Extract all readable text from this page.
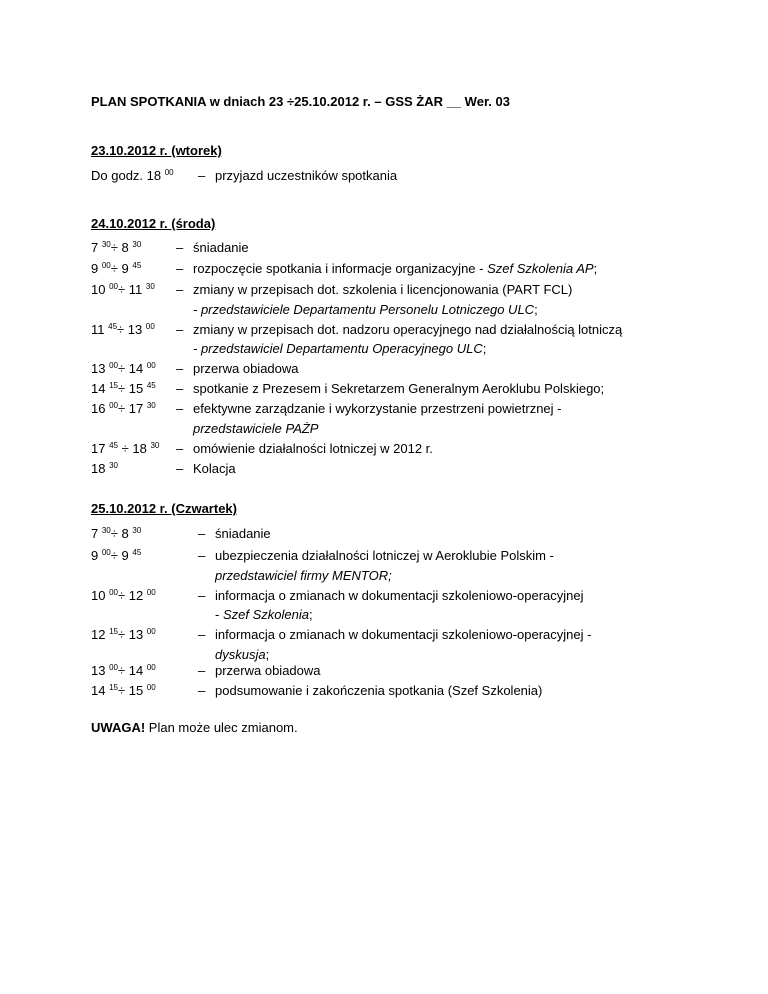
PLAN SPOTKANIA w dniach 23 ÷25.10.2012 r. – GSS ŻAR __ Wer. 03
23.10.2012 r. (wtorek)
Do godz. 18 $^{00}$ – przyjazd uczestników spotkania
24.10.2012 r. (środa)
7 $^{30}$÷ 8 $^{30}$	– śniadanie
9 $^{00}$÷ 9 $^{45}$	– rozpoczęcie spotkania i informacje organizacyjne - Szef Szkolenia AP;
10 $^{00}$÷ 11 $^{30}$ – zmiany w przepisach dot. szkolenia i licencjonowania (PART FCL)
- przedstawiciele Departamentu Personelu Lotniczego ULC;
11 $^{45}$÷ 13 $^{00}$ – zmiany w przepisach dot. nadzoru operacyjnego nad działalnością lotniczą
- przedstawiciel Departamentu Operacyjnego ULC;
13 $^{00}$÷ 14 $^{00}$ – przerwa obiadowa
14 $^{15}$÷ 15 $^{45}$ – spotkanie z Prezesem i Sekretarzem Generalnym Aeroklubu Polskiego;
16 $^{00}$÷ 17 $^{30}$ – efektywne zarządzanie i wykorzystanie przestrzeni powietrznej -
przedstawiciele PAŻP
17 $^{45}$ ÷ 18 $^{30}$ – omówienie działalności lotniczej w 2012 r.
18 $^{30}$	– Kolacja
25.10.2012 r. (Czwartek)
7 $^{30}$÷ 8 $^{30}$	– śniadanie
9 $^{00}$÷ 9 $^{45}$	– ubezpieczenia działalności lotniczej w Aeroklubie Polskim -
przedstawiciel firmy MENTOR;
10 $^{00}$÷ 12 $^{00}$	– informacja o zmianach w dokumentacji szkoleniowo-operacyjnej
- Szef Szkolenia;
12 $^{15}$÷ 13 $^{00}$	– informacja o zmianach w dokumentacji szkoleniowo-operacyjnej -
dyskusja;
13 $^{00}$÷ 14 $^{00}$	– przerwa obiadowa
14 $^{15}$÷ 15 $^{00}$	– podsumowanie i zakończenia spotkania (Szef Szkolenia)
UWAGA! Plan może ulec zmianom.
